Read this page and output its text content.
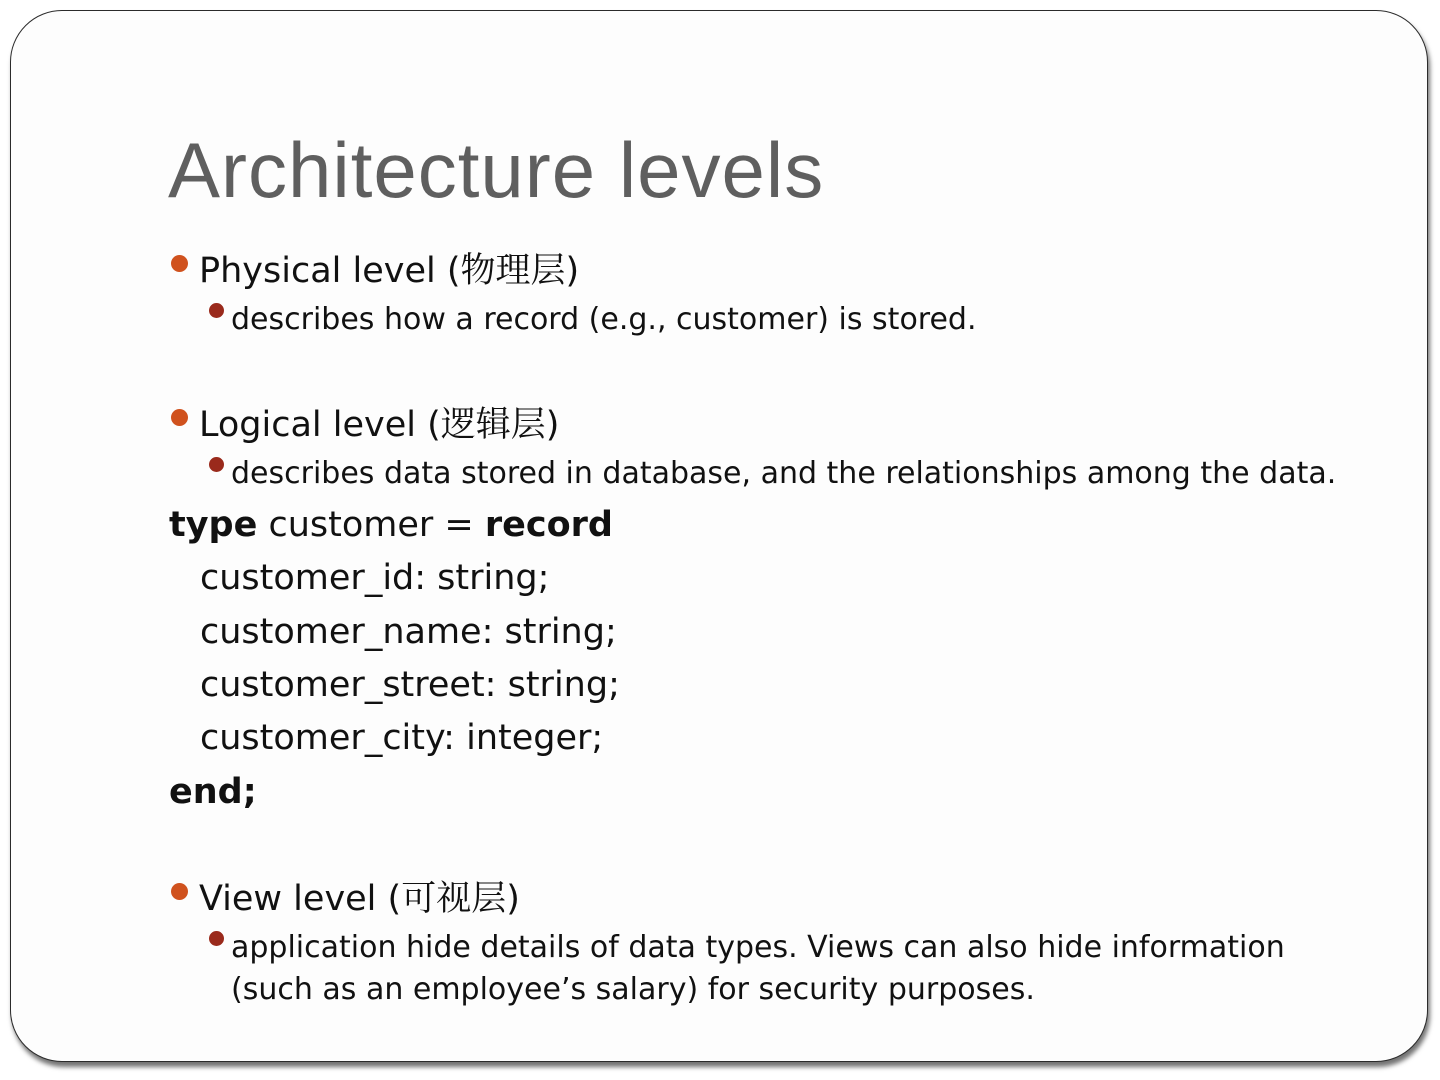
Architecture levels
Physical level (物理层)
describes how a record (e.g., customer) is stored.
Logical level (逻辑层)
describes data stored in database, and the relationships among the data.
type customer = record
customer_id: string;
customer_name: string;
customer_street: string;
customer_city: integer;
end;
View level (可视层)
application hide details of data types. Views can also hide information (such as an employee’s salary) for security purposes.
